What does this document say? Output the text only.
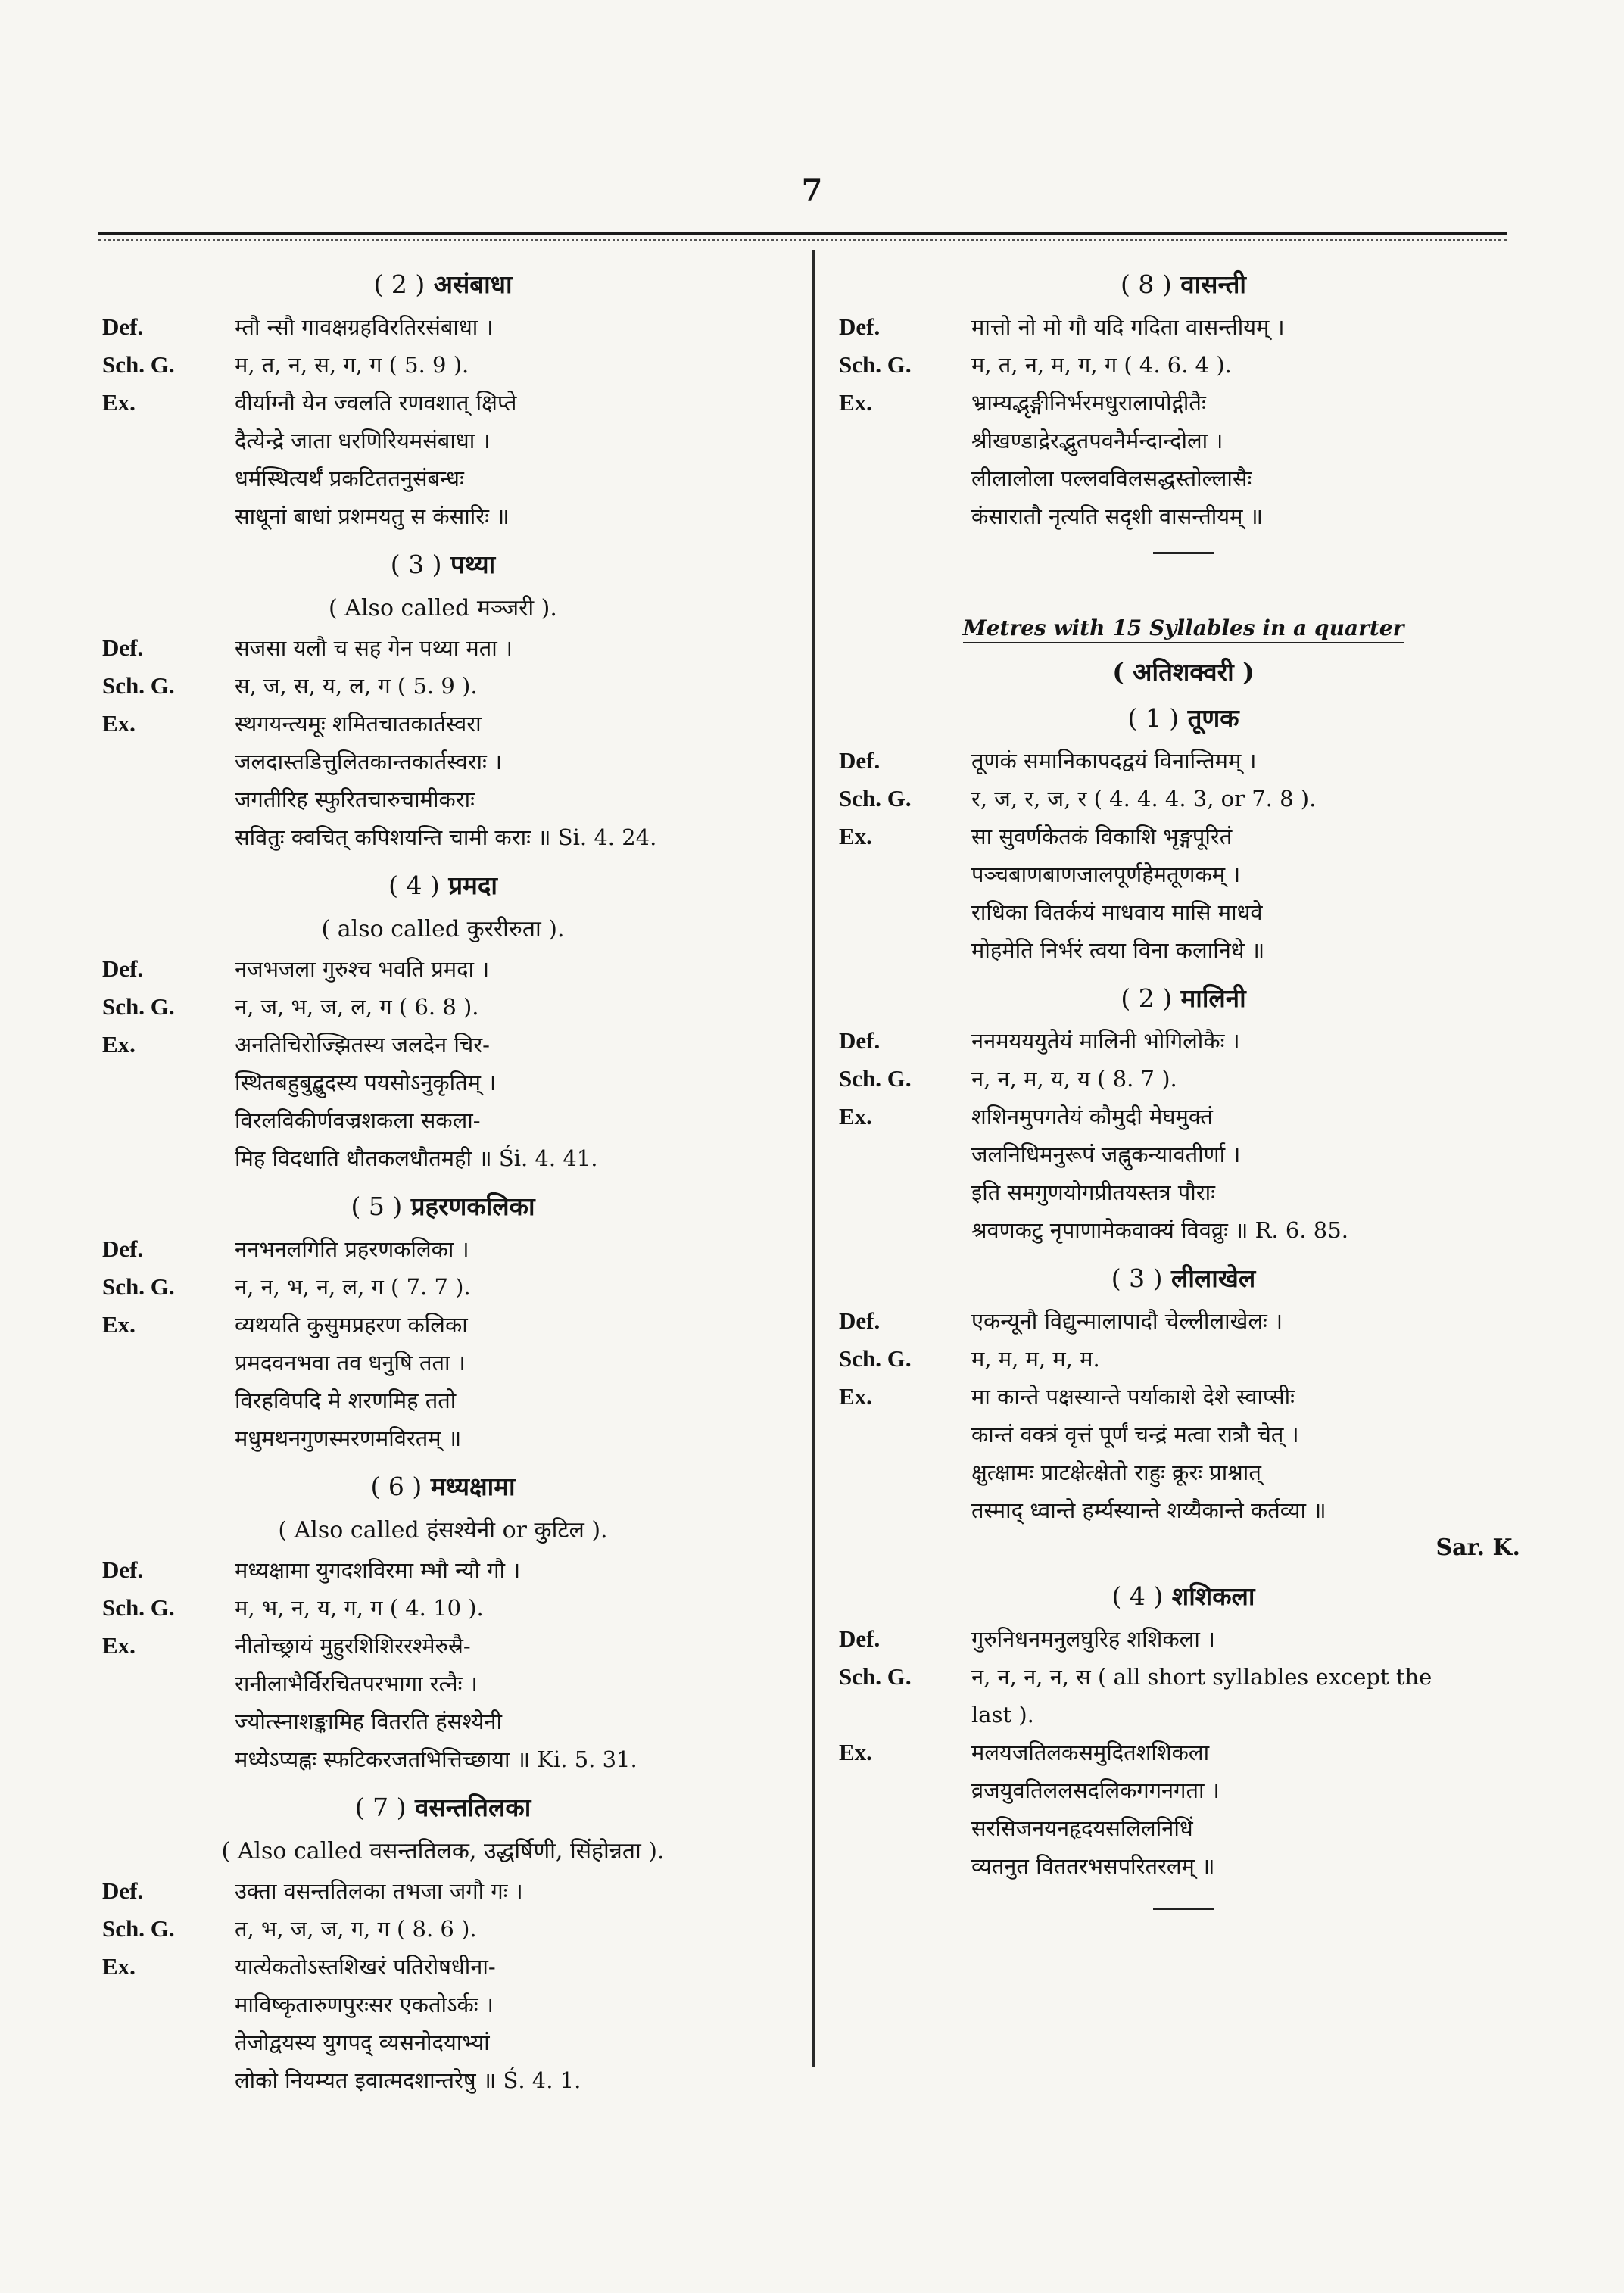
7
( 2 ) असंबाधा
Def.	म्तौ न्सौ गावक्षग्रहविरतिरसंबाधा ।
Sch. G.	म, त, न, स, ग, ग ( 5. 9 ).
Ex.	वीर्याग्नौ येन ज्वलति रणवशात् क्षिप्ते
दैत्येन्द्रे जाता धरणिरियमसंबाधा ।
धर्मस्थित्यर्थं प्रकटिततनुसंबन्धः
साधूनां बाधां प्रशमयतु स कंसारिः ॥
( 3 ) पथ्या
( Also called मञ्जरी ).
Def.	सजसा यलौ च सह गेन पथ्या मता ।
Sch. G.	स, ज, स, य, ल, ग ( 5. 9 ).
Ex.	स्थगयन्त्यमूः शमितचातकार्तस्वरा
जलदास्तडित्तुलितकान्तकार्तस्वराः ।
जगतीरिह स्फुरितचारुचामीकराः
सवितुः क्वचित् कपिशयन्ति चामी कराः ॥ Si. 4. 24.
( 4 ) प्रमदा
( also called कुररीरुता ).
Def.	नजभजला गुरुश्च भवति प्रमदा ।
Sch. G.	न, ज, भ, ज, ल, ग ( 6. 8 ).
Ex.	अनतिचिरोज्झितस्य जलदेन चिर-
स्थितबहुबुद्बुदस्य पयसोऽनुकृतिम् ।
विरलविकीर्णवज्रशकला सकला-
मिह विदधाति धौतकलधौतमही ॥ Śi. 4. 41.
( 5 ) प्रहरणकलिका
Def.	ननभनलगिति प्रहरणकलिका ।
Sch. G.	न, न, भ, न, ल, ग ( 7. 7 ).
Ex.	व्यथयति कुसुमप्रहरण कलिका
प्रमदवनभवा तव धनुषि तता ।
विरहविपदि मे शरणमिह ततो
मधुमथनगुणस्मरणमविरतम् ॥
( 6 ) मध्यक्षामा
( Also called हंसश्येनी or कुटिल ).
Def.	मध्यक्षामा युगदशविरमा म्भौ न्यौ गौ ।
Sch. G.	म, भ, न, य, ग, ग ( 4. 10 ).
Ex.	नीतोच्छ्रायं मुहुरशिशिररश्मेरुस्रै-
रानीलाभैर्विरचितपरभागा रत्नैः ।
ज्योत्स्नाशङ्कामिह वितरति हंसश्येनी
मध्येऽप्यह्नः स्फटिकरजतभित्तिच्छाया ॥ Ki. 5. 31.
( 7 ) वसन्ततिलका
( Also called वसन्ततिलक, उद्धर्षिणी, सिंहोन्नता ).
Def.	उक्ता वसन्ततिलका तभजा जगौ गः ।
Sch. G.	त, भ, ज, ज, ग, ग ( 8. 6 ).
Ex.	यात्येकतोऽस्तशिखरं पतिरोषधीना-
माविष्कृतारुणपुरःसर एकतोऽर्कः ।
तेजोद्वयस्य युगपद् व्यसनोदयाभ्यां
लोको नियम्यत इवात्मदशान्तरेषु ॥ Ś. 4. 1.
( 8 ) वासन्ती
Def.	मात्तो नो मो गौ यदि गदिता वासन्तीयम् ।
Sch. G.	म, त, न, म, ग, ग ( 4. 6. 4 ).
Ex.	भ्राम्यद्भृङ्गीनिर्भरमधुरालापोद्गीतैः
श्रीखण्डाद्रेरद्भुतपवनैर्मन्दान्दोला ।
लीलालोला पल्लवविलसद्धस्तोल्लासैः
कंसारातौ नृत्यति सदृशी वासन्तीयम् ॥
Metres with 15 Syllables in a quarter
( अतिशक्वरी )
( 1 ) तूणक
Def.	तूणकं समानिकापदद्वयं विनान्तिमम् ।
Sch. G.	र, ज, र, ज, र ( 4. 4. 4. 3, or 7. 8 ).
Ex.	सा सुवर्णकेतकं विकाशि भृङ्गपूरितं
पञ्चबाणबाणजालपूर्णहेमतूणकम् ।
राधिका वितर्कयं माधवाय मासि माधवे
मोहमेति निर्भरं त्वया विना कलानिधे ॥
( 2 ) मालिनी
Def.	ननमयययुतेयं मालिनी भोगिलोकैः ।
Sch. G.	न, न, म, य, य ( 8. 7 ).
Ex.	शशिनमुपगतेयं कौमुदी मेघमुक्तं
जलनिधिमनुरूपं जह्नुकन्यावतीर्णा ।
इति समगुणयोगप्रीतयस्तत्र पौराः
श्रवणकटु नृपाणामेकवाक्यं विवव्रुः ॥ R. 6. 85.
( 3 ) लीलाखेल
Def.	एकन्यूनौ विद्युन्मालापादौ चेल्लीलाखेलः ।
Sch. G.	म, म, म, म, म.
Ex.	मा कान्ते पक्षस्यान्ते पर्याकाशे देशे स्वाप्सीः
कान्तं वक्त्रं वृत्तं पूर्णं चन्द्रं मत्वा रात्रौ चेत् ।
क्षुत्क्षामः प्राटक्षेत्क्षेतो राहुः क्रूरः प्राश्नात्
तस्माद् ध्वान्ते हर्म्यस्यान्ते शय्यैकान्ते कर्तव्या ॥
Sar. K.
( 4 ) शशिकला
Def.	गुरुनिधनमनुलघुरिह शशिकला ।
Sch. G.	न, न, न, न, स ( all short syllables except the
last ).
Ex.	मलयजतिलकसमुदितशशिकला
व्रजयुवतिललसदलिकगगनगता ।
सरसिजनयनहृदयसलिलनिधिं
व्यतनुत विततरभसपरितरलम् ॥
